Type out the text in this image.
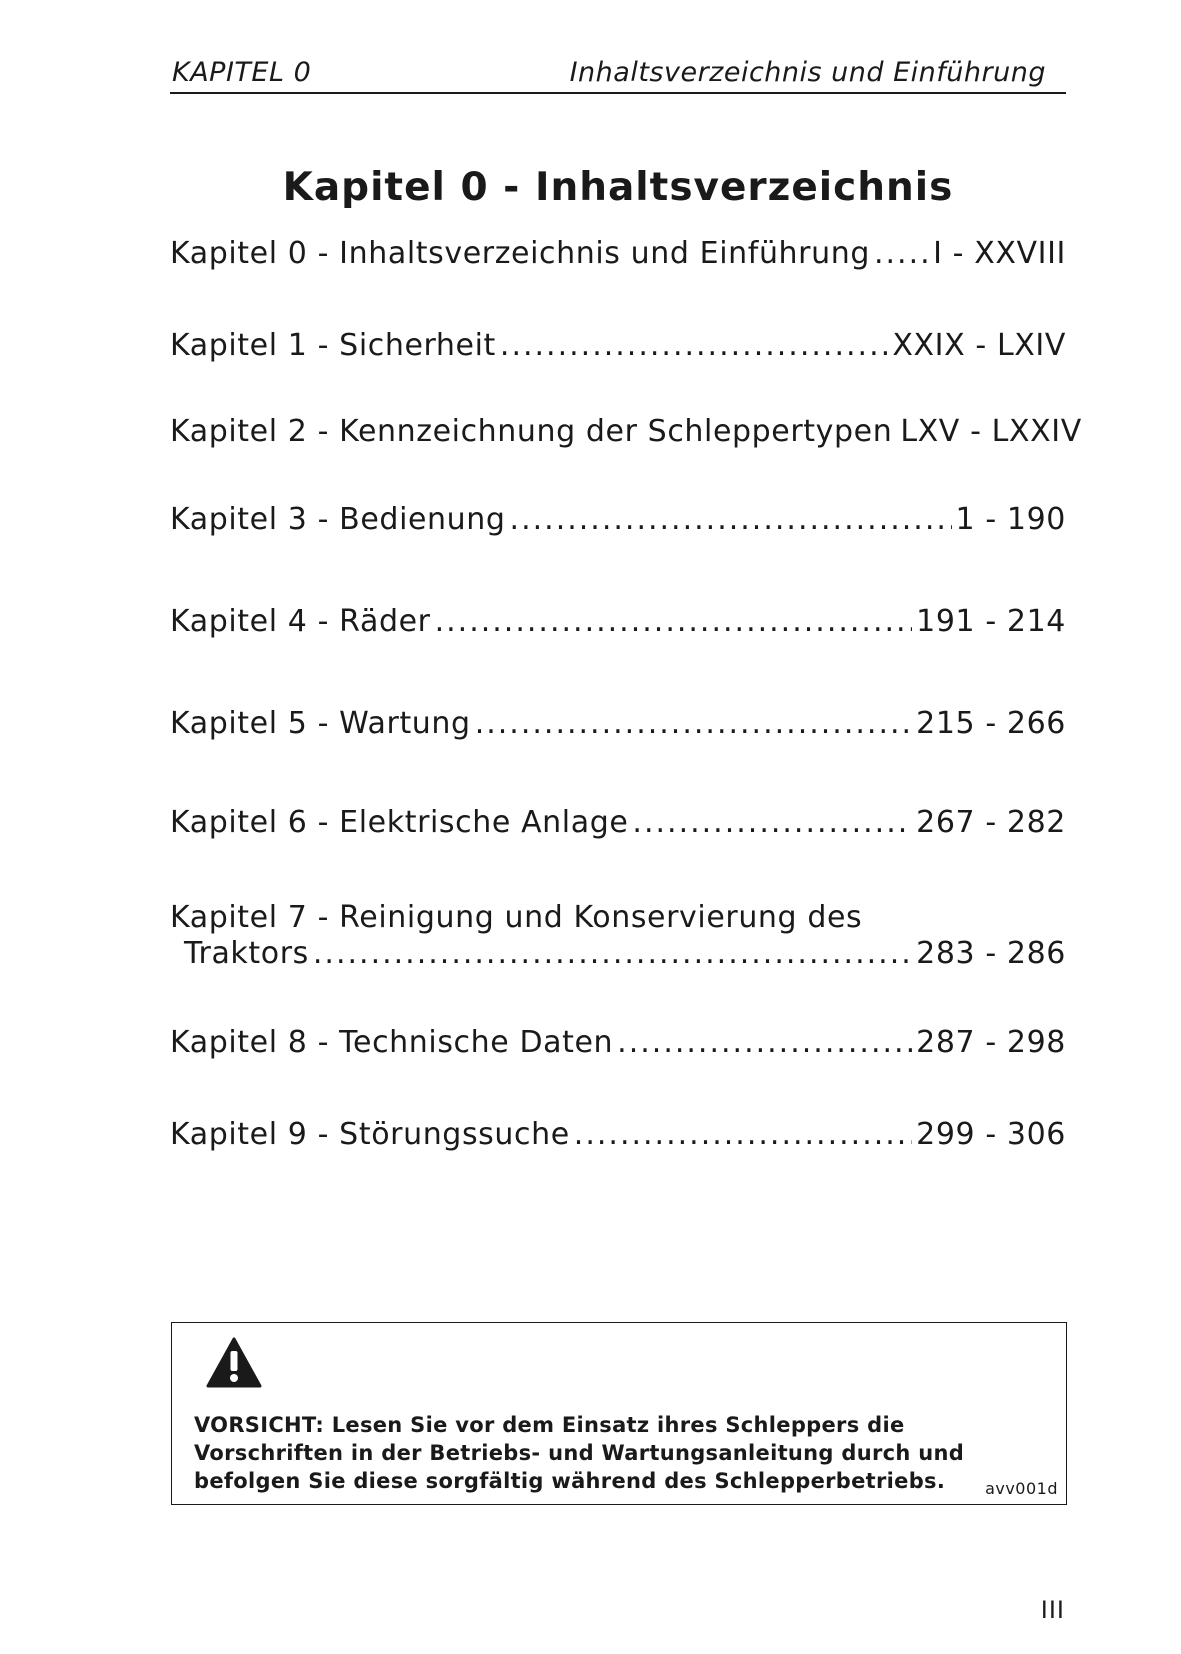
KAPITEL 0	Inhaltsverzeichnis und Einführung
Kapitel 0 - Inhaltsverzeichnis
Kapitel 0 - Inhaltsverzeichnis und Einführung ..... I - XXVIII
Kapitel 1 - Sicherheit .....	XXIX - LXIV
Kapitel 2 - Kennzeichnung der Schleppertypen LXV - LXXIV
Kapitel 3 - Bedienung .....	1 - 190
Kapitel 4 - Räder .....	191 - 214
Kapitel 5 - Wartung .....	215 - 266
Kapitel 6 - Elektrische Anlage .....	267 - 282
Kapitel 7 - Reinigung und Konservierung des
Traktors .....	283 - 286
Kapitel 8 - Technische Daten .....	287 - 298
Kapitel 9 - Störungssuche .....	299 - 306
VORSICHT: Lesen Sie vor dem Einsatz ihres Schleppers die Vorschriften in der Betriebs- und Wartungsanleitung durch und befolgen Sie diese sorgfältig während des Schlepperbetriebs.	avv001d
III
